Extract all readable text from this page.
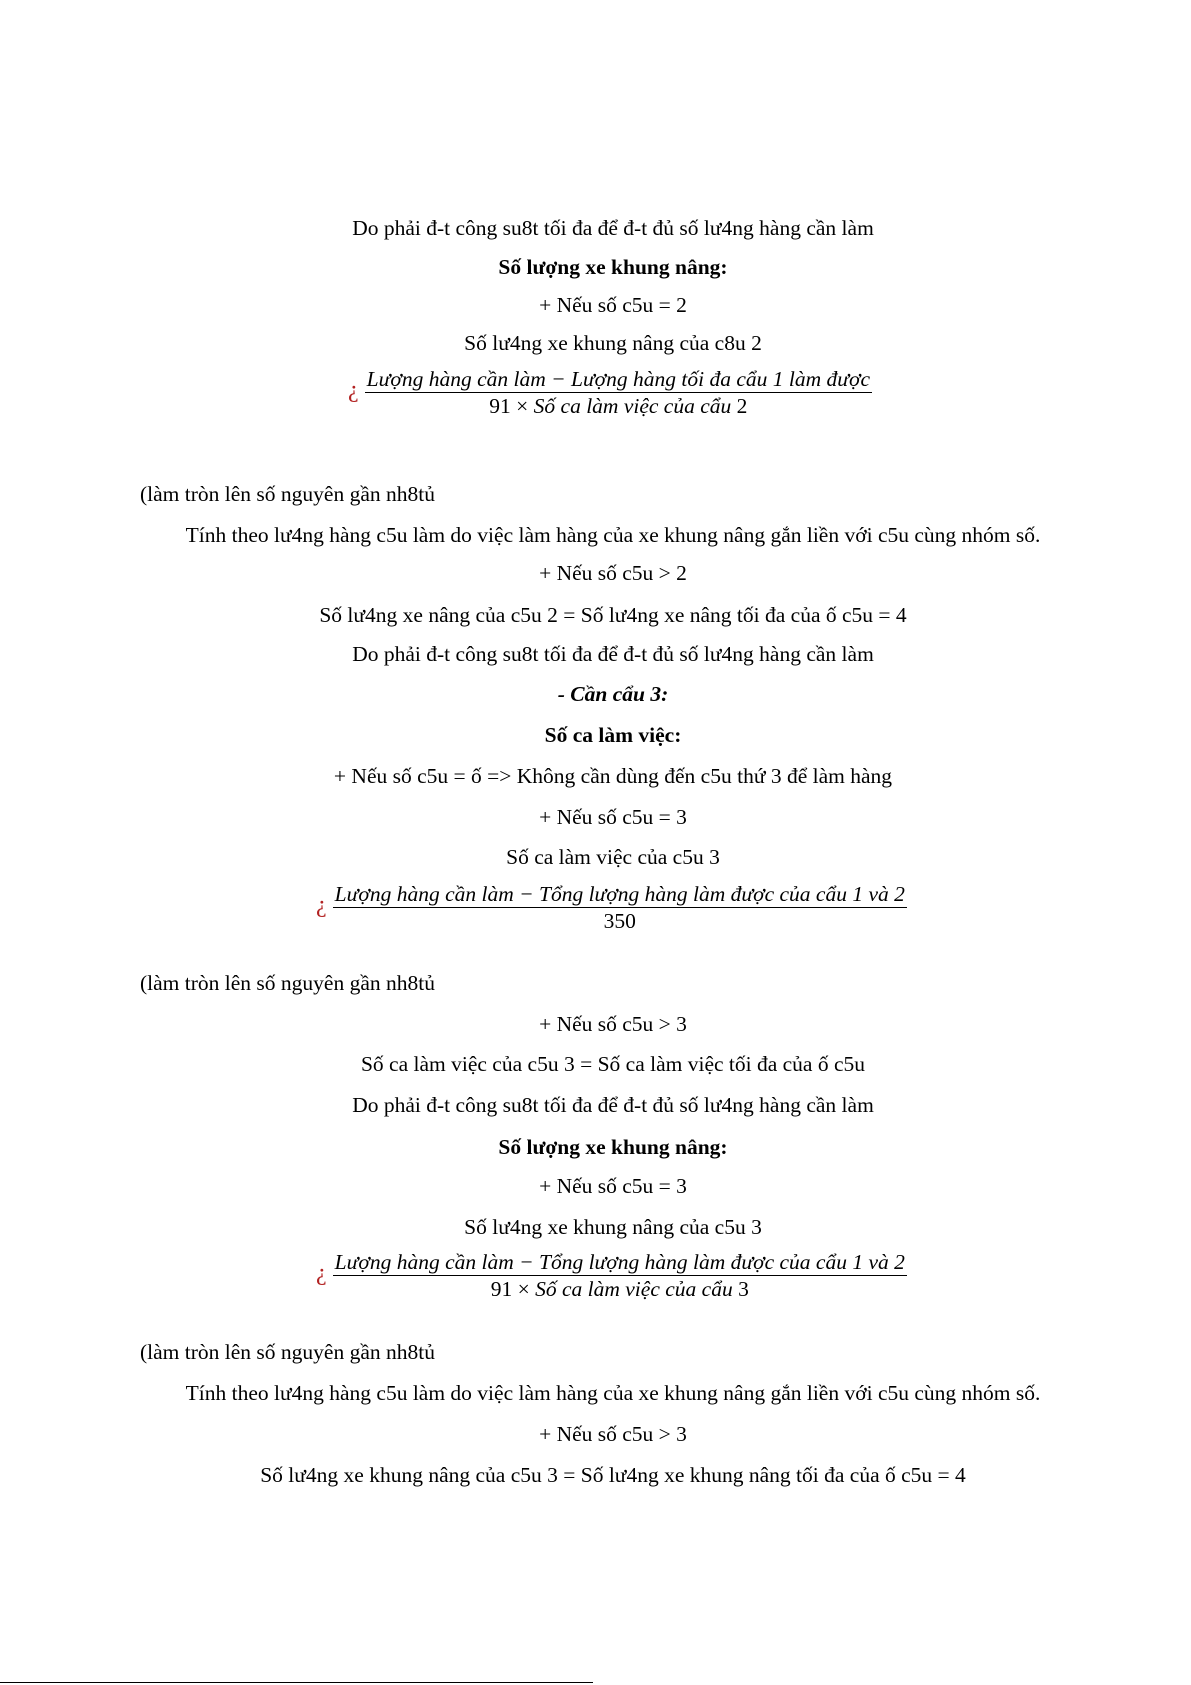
Do phải đ-t công su8t tối đa để đ-t đủ số lư4ng hàng cần làm
Số lượng xe khung nâng:
+ Nếu số c5u = 2
Số lư4ng xe khung nâng của c8u 2
¿ $\frac{\text{Lượng hàng cần làm − Lượng hàng tối đa cẩu 1 làm được}}{\text{91 × Số ca làm việc của cẩu 2}}$
(làm tròn lên số nguyên gần nh8tủ
Tính theo lư4ng hàng c5u làm do việc làm hàng của xe khung nâng gắn liền với c5u cùng nhóm số.
+ Nếu số c5u > 2
Số lư4ng xe nâng của c5u 2 = Số lư4ng xe nâng tối đa của ố c5u = 4
Do phải đ-t công su8t tối đa để đ-t đủ số lư4ng hàng cần làm
- Cần cẩu 3:
Số ca làm việc:
+ Nếu số c5u = ố => Không cần dùng đến c5u thứ 3 để làm hàng
+ Nếu số c5u = 3
Số ca làm việc của c5u 3
¿ $\frac{\text{Lượng hàng cần làm − Tổng lượng hàng làm được của cẩu 1 và 2}}{350}$
(làm tròn lên số nguyên gần nh8tủ
+ Nếu số c5u > 3
Số ca làm việc của c5u 3 = Số ca làm việc tối đa của ố c5u
Do phải đ-t công su8t tối đa để đ-t đủ số lư4ng hàng cần làm
Số lượng xe khung nâng:
+ Nếu số c5u = 3
Số lư4ng xe khung nâng của c5u 3
¿ $\frac{\text{Lượng hàng cần làm − Tổng lượng hàng làm được của cẩu 1 và 2}}{\text{91 × Số ca làm việc của cẩu 3}}$
(làm tròn lên số nguyên gần nh8tủ
Tính theo lư4ng hàng c5u làm do việc làm hàng của xe khung nâng gắn liền với c5u cùng nhóm số.
+ Nếu số c5u > 3
Số lư4ng xe khung nâng của c5u 3 = Số lư4ng xe khung nâng tối đa của ố c5u = 4
